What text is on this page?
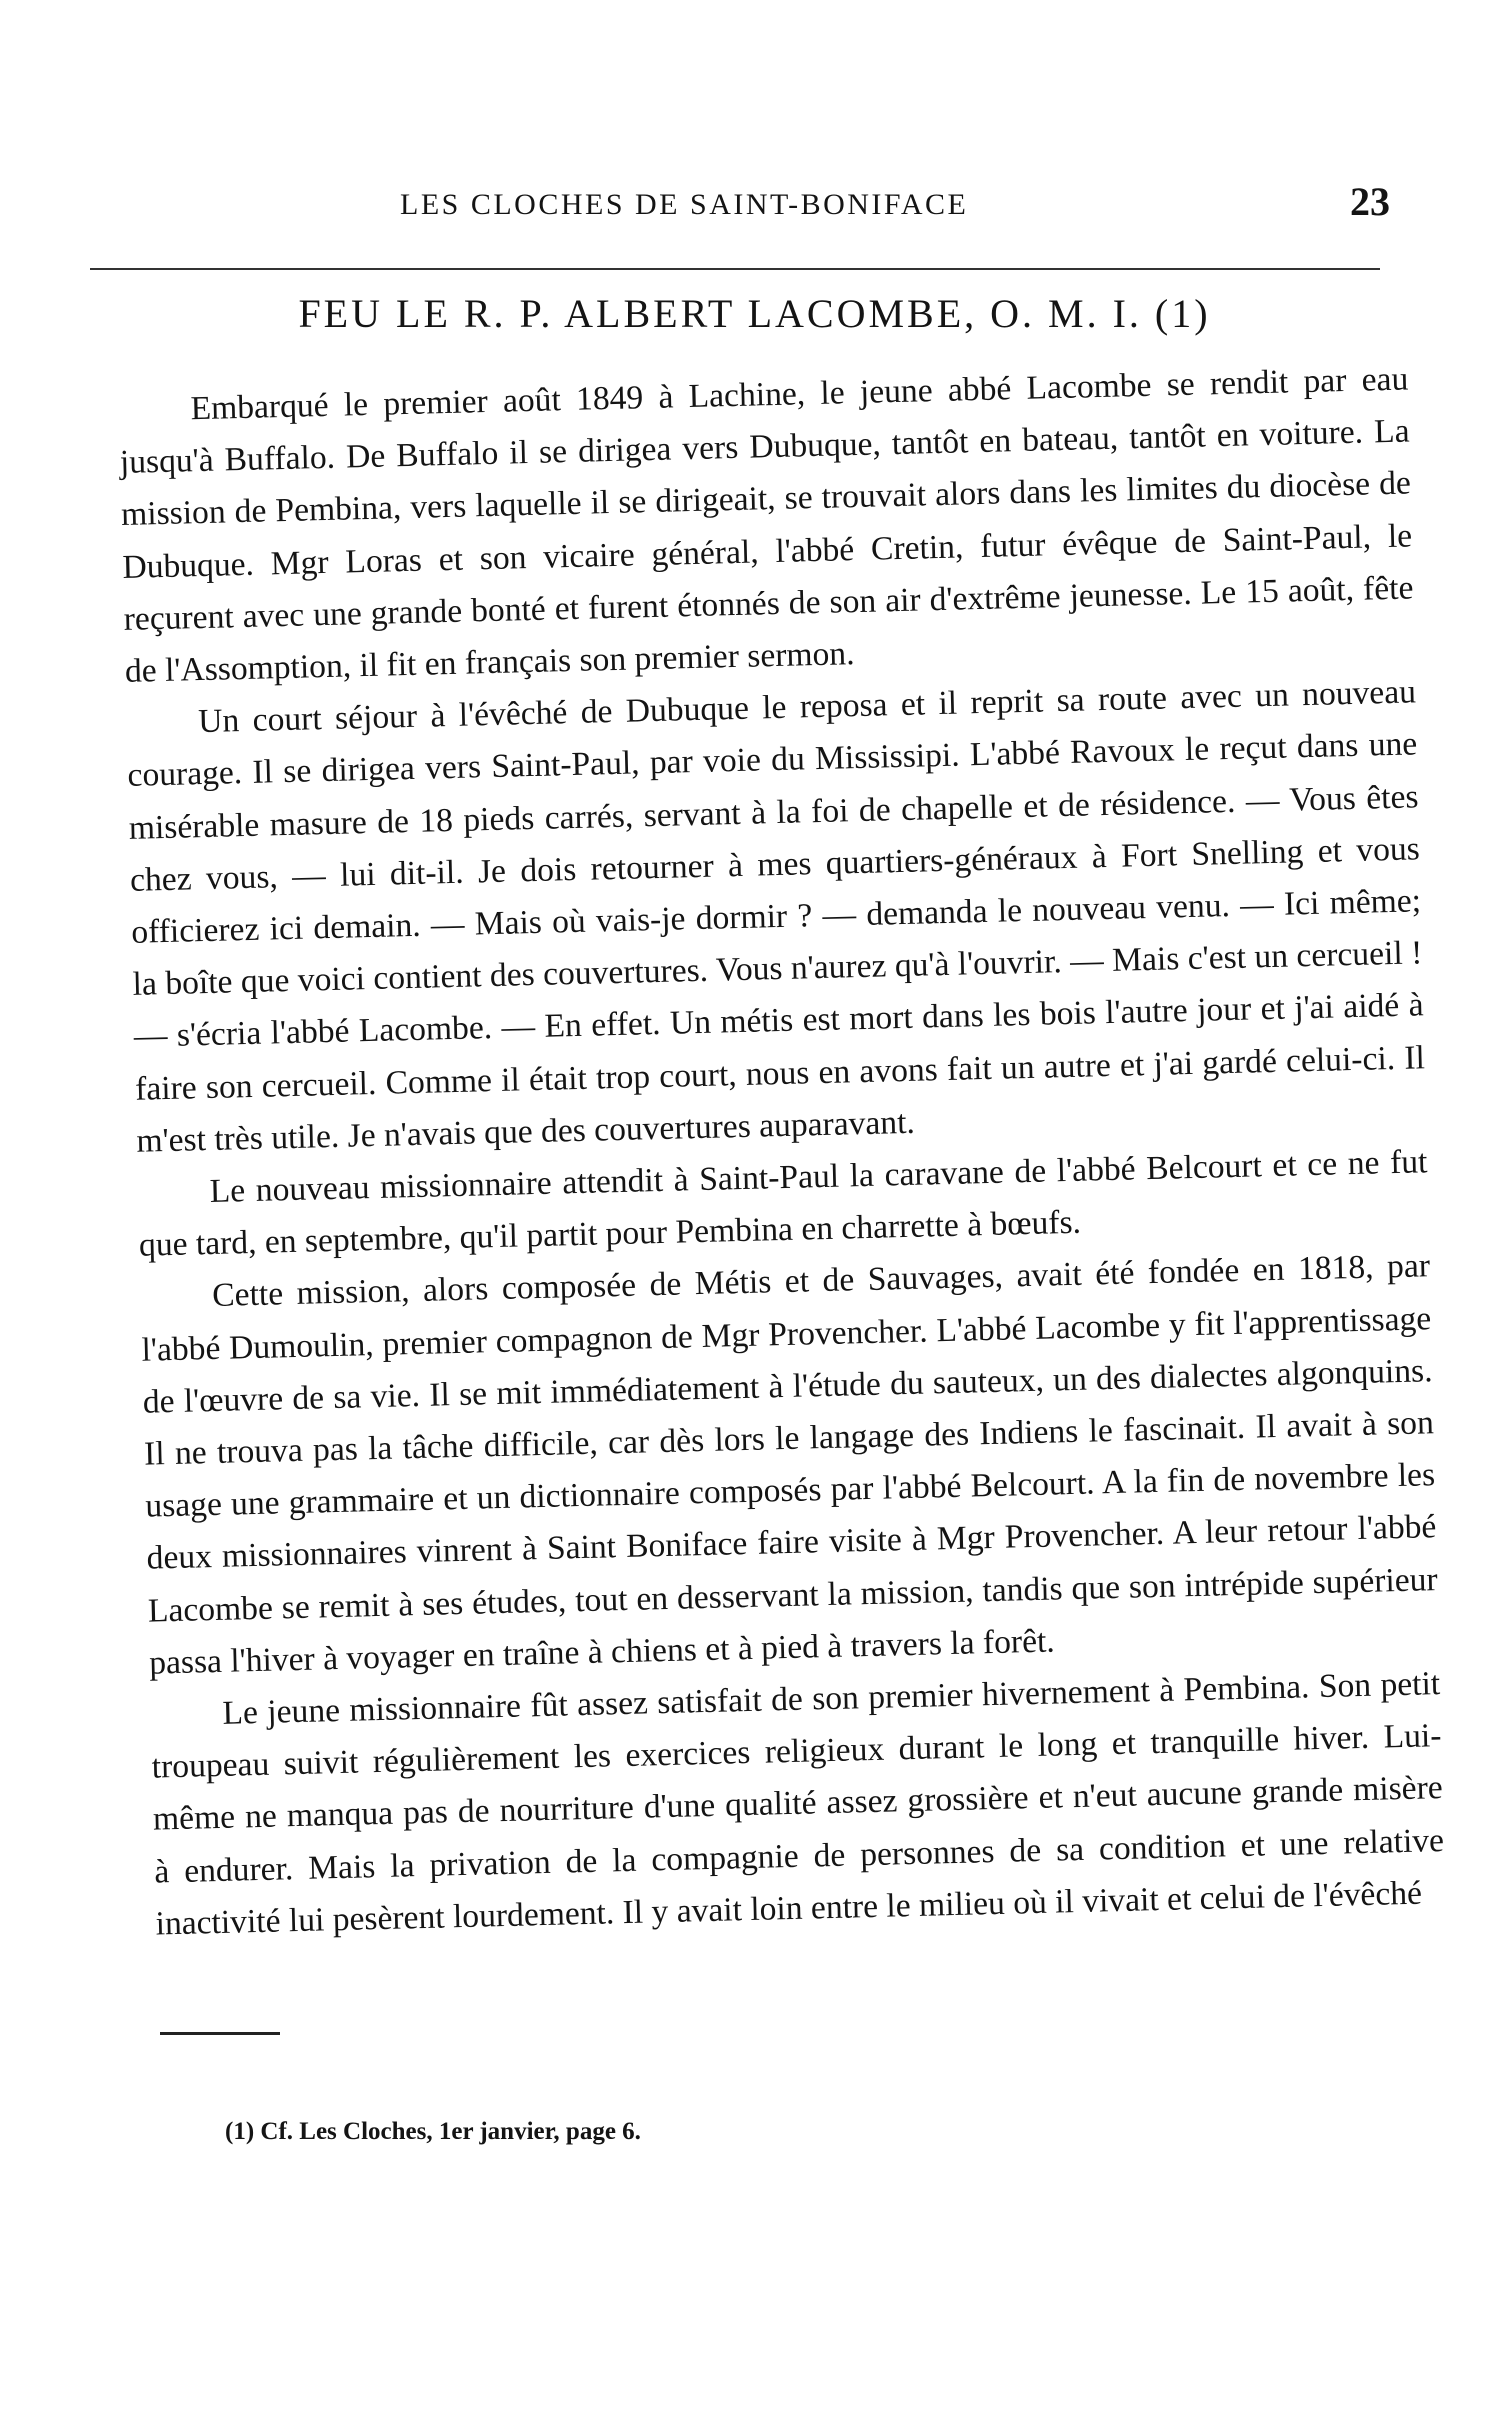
LES CLOCHES DE SAINT-BONIFACE	23
FEU LE R. P. ALBERT LACOMBE, O. M. I. (1)

Embarqué le premier août 1849 à Lachine, le jeune abbé Lacombe se rendit par eau jusqu'à Buffalo. De Buffalo il se dirigea vers Dubuque, tantôt en bateau, tantôt en voiture. La mission de Pembina, vers laquelle il se dirigeait, se trouvait alors dans les limites du diocèse de Dubuque. Mgr Loras et son vicaire général, l'abbé Cretin, futur évêque de Saint-Paul, le reçurent avec une grande bonté et furent étonnés de son air d'extrême jeunesse. Le 15 août, fête de l'Assomption, il fit en français son premier sermon.

Un court séjour à l'évêché de Dubuque le reposa et il reprit sa route avec un nouveau courage. Il se dirigea vers Saint-Paul, par voie du Mississipi. L'abbé Ravoux le reçut dans une misérable masure de 18 pieds carrés, servant à la foi de chapelle et de résidence. — Vous êtes chez vous, — lui dit-il. Je dois retourner à mes quartiers-généraux à Fort Snelling et vous officierez ici demain. — Mais où vais-je dormir ? — demanda le nouveau venu. — Ici même; la boîte que voici contient des couvertures. Vous n'aurez qu'à l'ouvrir. — Mais c'est un cercueil ! — s'écria l'abbé Lacombe. — En effet. Un métis est mort dans les bois l'autre jour et j'ai aidé à faire son cercueil. Comme il était trop court, nous en avons fait un autre et j'ai gardé celui-ci. Il m'est très utile. Je n'avais que des couvertures auparavant.

Le nouveau missionnaire attendit à Saint-Paul la caravane de l'abbé Belcourt et ce ne fut que tard, en septembre, qu'il partit pour Pembina en charrette à bœufs.

Cette mission, alors composée de Métis et de Sauvages, avait été fondée en 1818, par l'abbé Dumoulin, premier compagnon de Mgr Provencher. L'abbé Lacombe y fit l'apprentissage de l'œuvre de sa vie. Il se mit immédiatement à l'étude du sauteux, un des dialectes algonquins. Il ne trouva pas la tâche difficile, car dès lors le langage des Indiens le fascinait. Il avait à son usage une grammaire et un dictionnaire composés par l'abbé Belcourt. A la fin de novembre les deux missionnaires vinrent à Saint Boniface faire visite à Mgr Provencher. A leur retour l'abbé Lacombe se remit à ses études, tout en desservant la mission, tandis que son intrépide supérieur passa l'hiver à voyager en traîne à chiens et à pied à travers la forêt.

Le jeune missionnaire fût assez satisfait de son premier hivernement à Pembina. Son petit troupeau suivit régulièrement les exercices religieux durant le long et tranquille hiver. Lui-même ne manqua pas de nourriture d'une qualité assez grossière et n'eut aucune grande misère à endurer. Mais la privation de la compagnie de personnes de sa condition et une relative inactivité lui pesèrent lourdement. Il y avait loin entre le milieu où il vivait et celui de l'évêché

(1) Cf. Les Cloches, 1er janvier, page 6.
